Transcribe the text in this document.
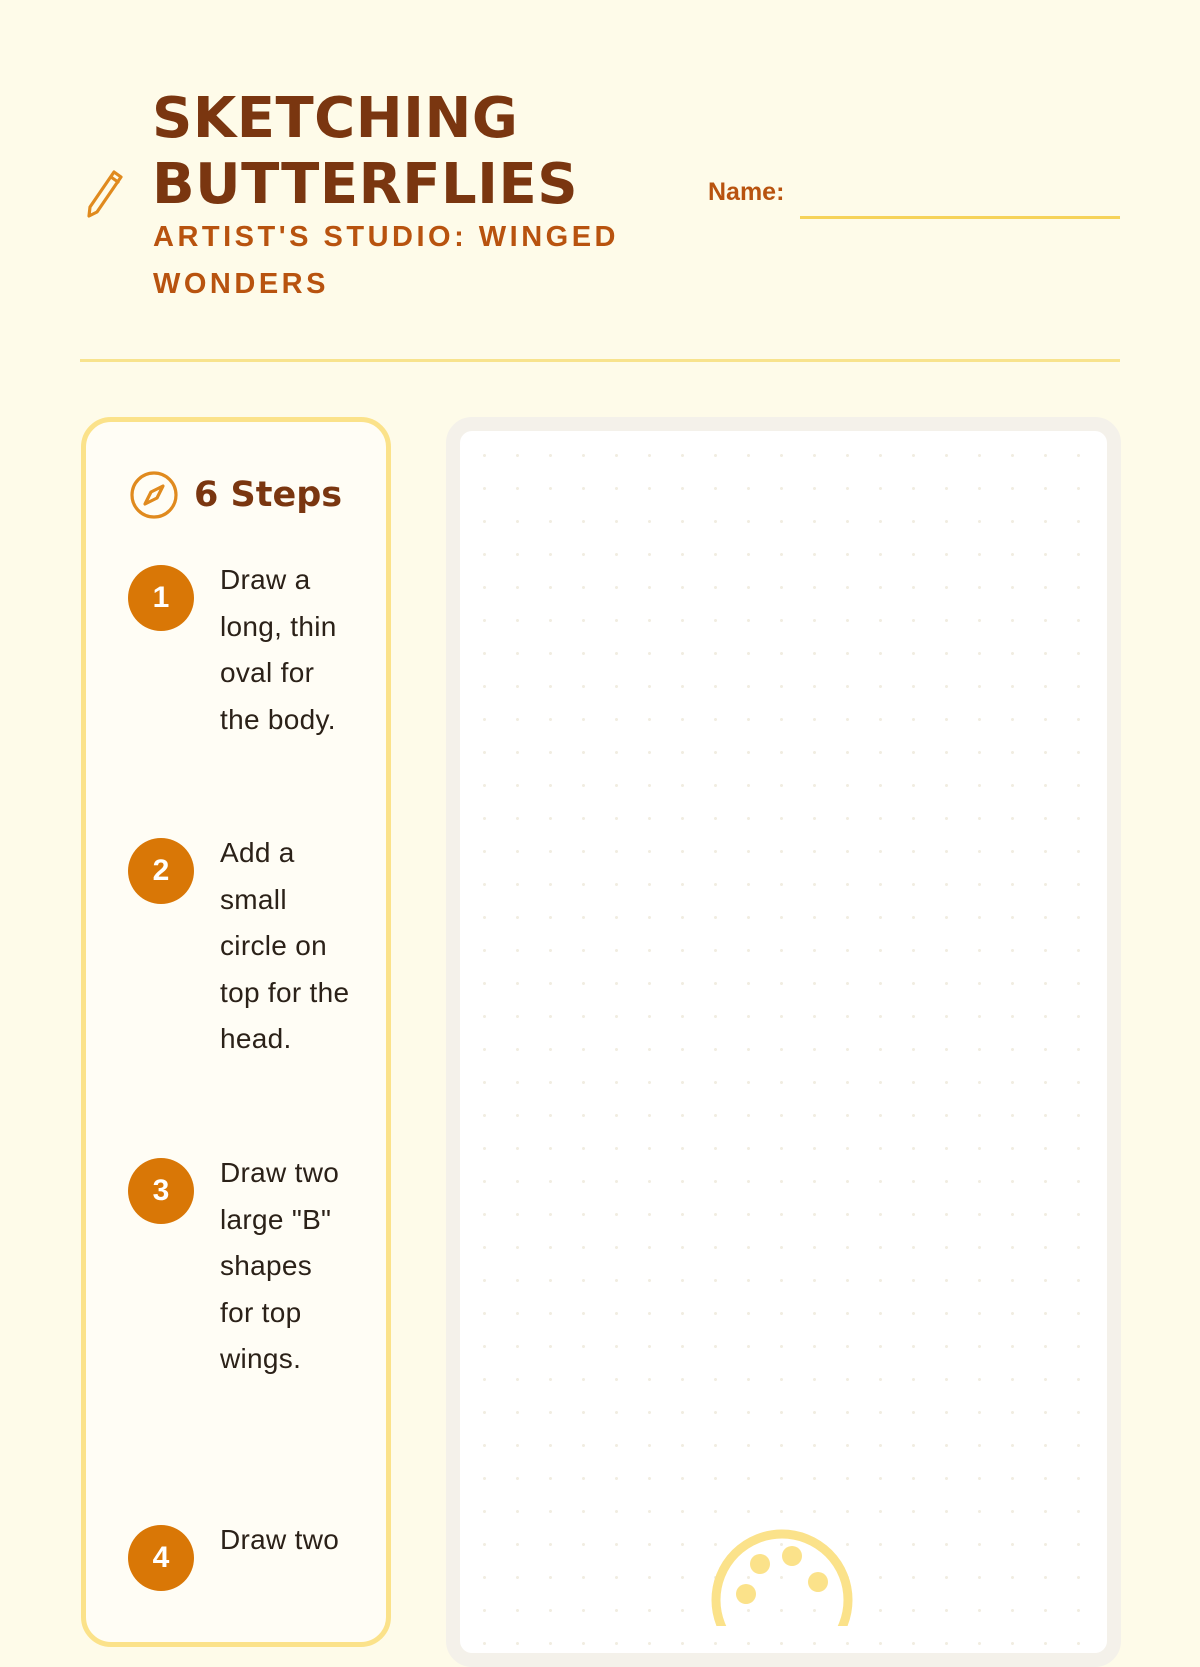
SKETCHING
BUTTERFLIES

ARTIST'S STUDIO: WINGED WONDERS

Name:
6 Steps
1
Draw a long, thin oval for the body.
2
Add a small circle on top for the head.
3
Draw two large "B" shapes for top wings.
4
Draw two
